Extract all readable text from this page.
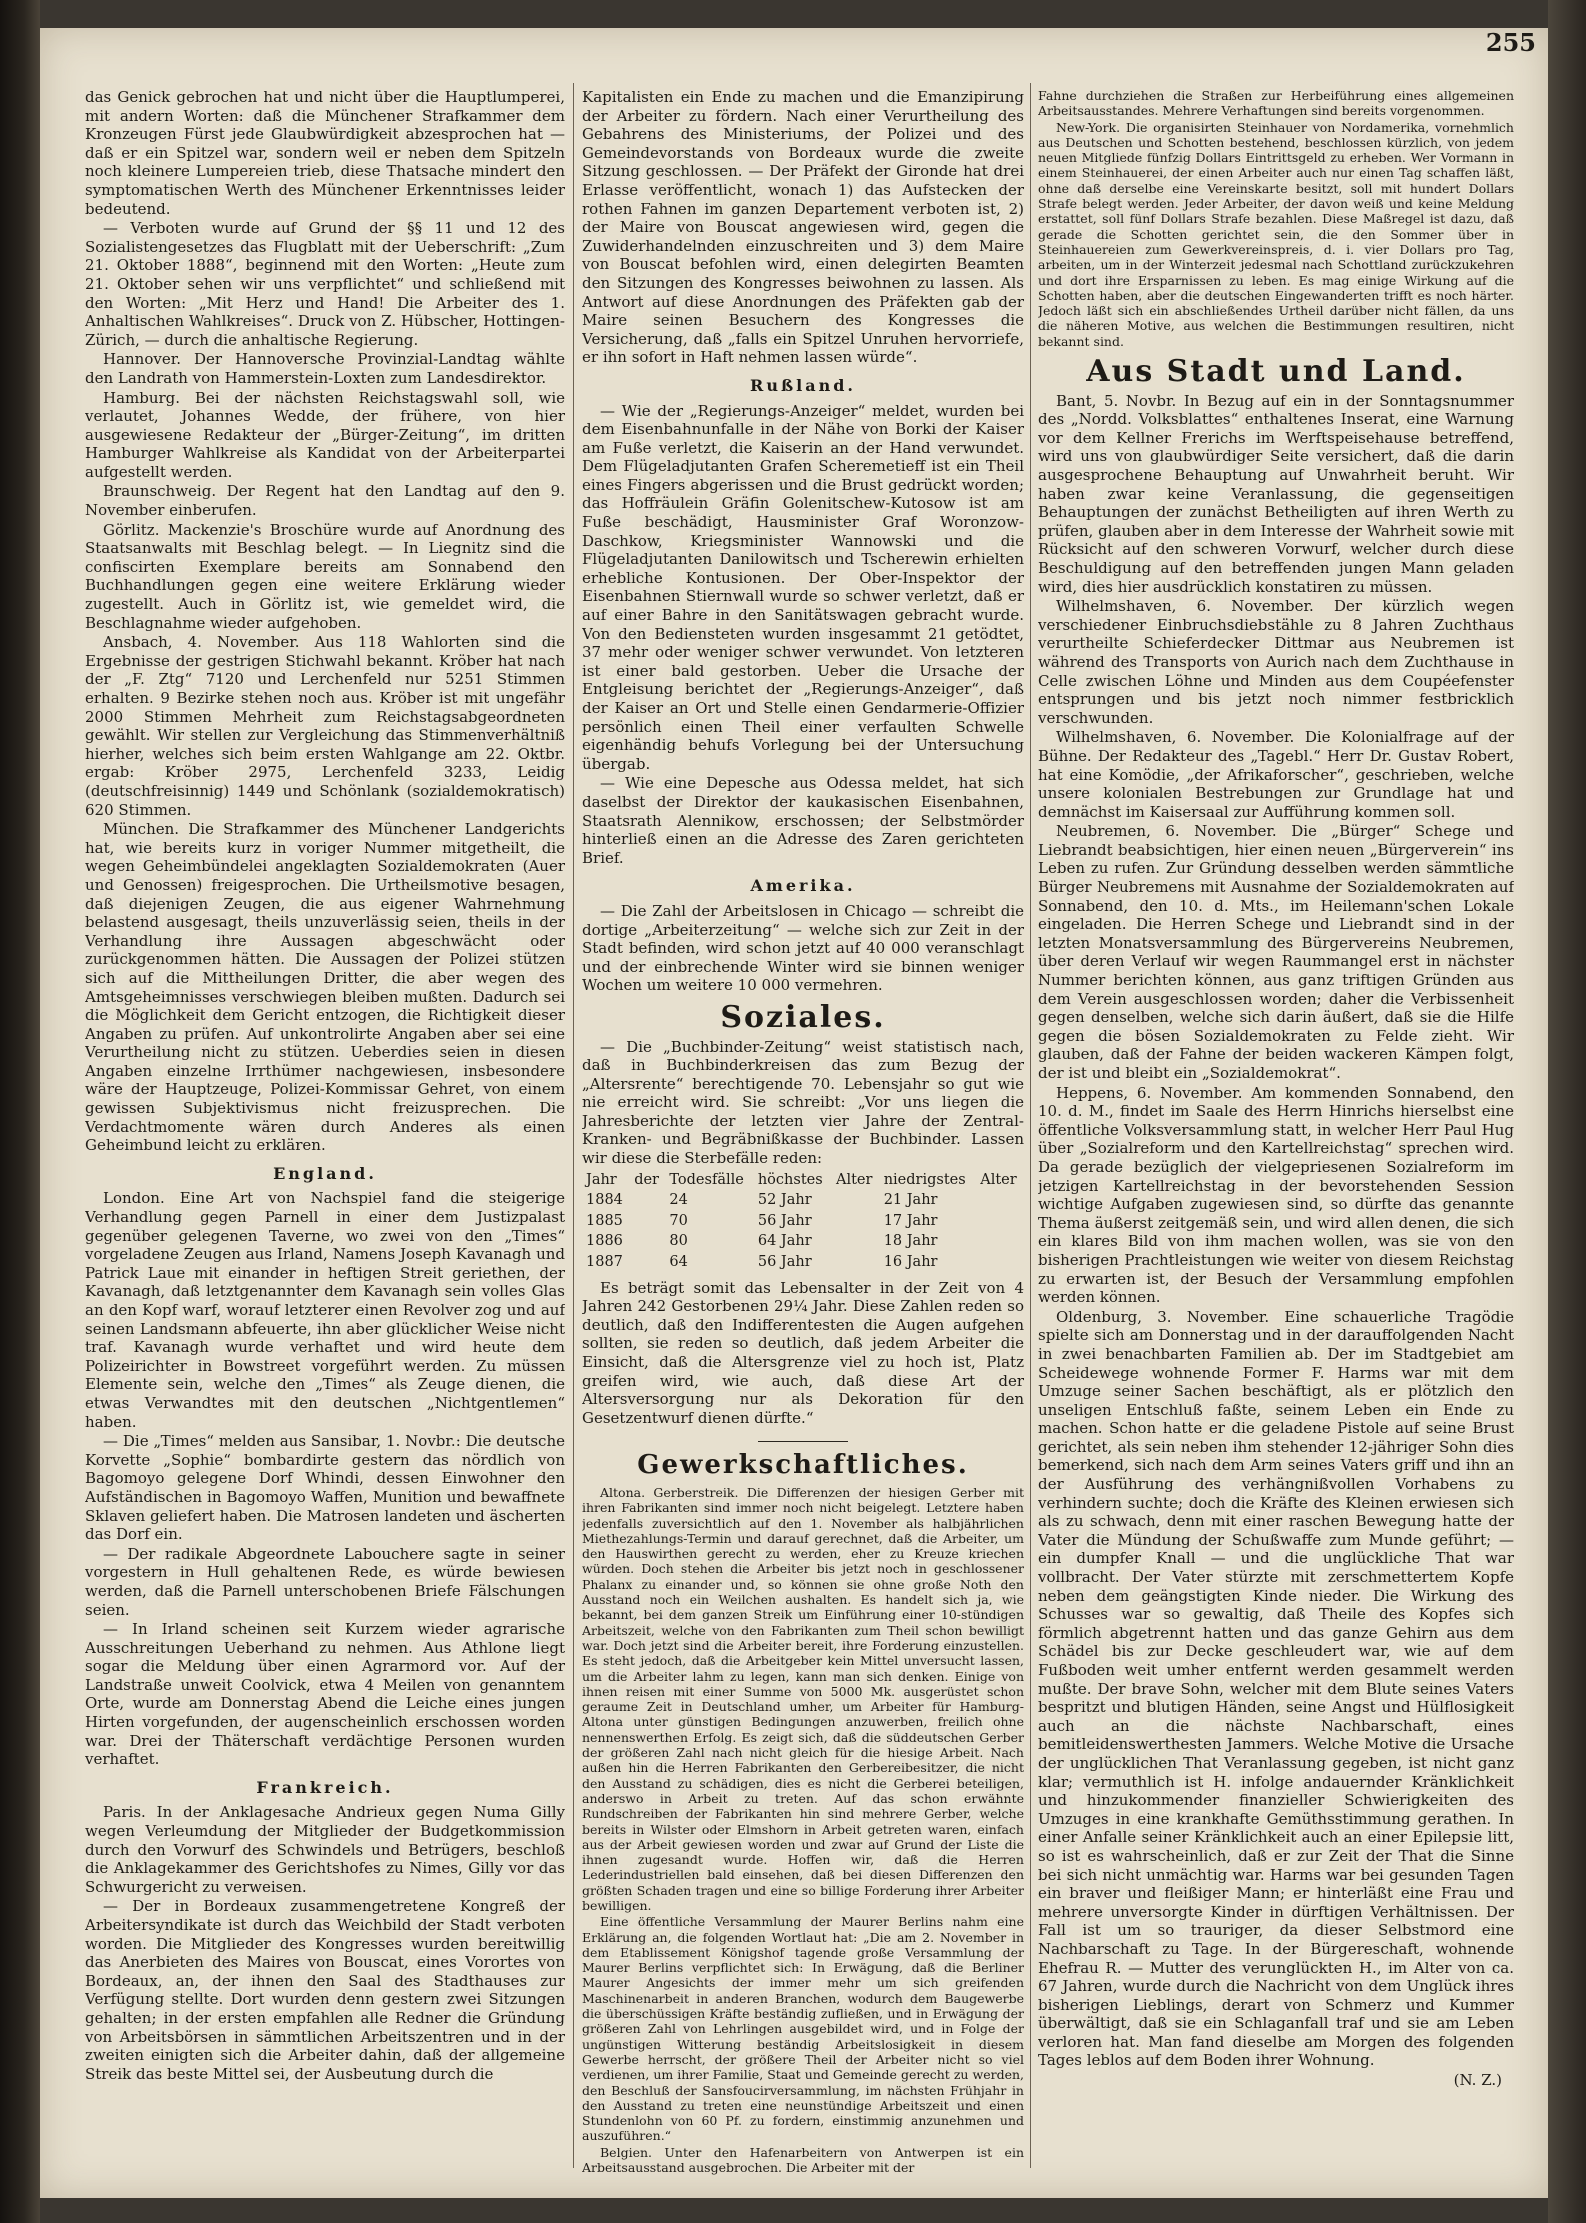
255

das Genick gebrochen hat und nicht über die Hauptlumperei, mit andern Worten: daß die Münchener Strafkammer dem Kronzeugen Fürst jede Glaubwürdigkeit abzesprochen hat — daß er ein Spitzel war, sondern weil er neben dem Spitzeln noch kleinere Lumpereien trieb, diese Thatsache mindert den symptomatischen Werth des Münchener Erkenntnisses leider bedeutend.

— Verboten wurde auf Grund der §§ 11 und 12 des Sozialistengesetzes das Flugblatt mit der Ueberschrift: „Zum 21. Oktober 1888“, beginnend mit den Worten: „Heute zum 21. Oktober sehen wir uns verpflichtet“ und schließend mit den Worten: „Mit Herz und Hand! Die Arbeiter des 1. Anhaltischen Wahlkreises“. Druck von Z. Hübscher, Hottingen-Zürich, — durch die anhaltische Regierung.

Hannover. Der Hannoversche Provinzial-Landtag wählte den Landrath von Hammerstein-Loxten zum Landesdirektor.

Hamburg. Bei der nächsten Reichstagswahl soll, wie verlautet, Johannes Wedde, der frühere, von hier ausgewiesene Redakteur der „Bürger-Zeitung“, im dritten Hamburger Wahlkreise als Kandidat von der Arbeiterpartei aufgestellt werden.

Braunschweig. Der Regent hat den Landtag auf den 9. November einberufen.

Görlitz. Mackenzie's Broschüre wurde auf Anordnung des Staatsanwalts mit Beschlag belegt. — In Liegnitz sind die confiscirten Exemplare bereits am Sonnabend den Buchhandlungen gegen eine weitere Erklärung wieder zugestellt. Auch in Görlitz ist, wie gemeldet wird, die Beschlagnahme wieder aufgehoben.

Ansbach, 4. November. Aus 118 Wahlorten sind die Ergebnisse der gestrigen Stichwahl bekannt. Kröber hat nach der „F. Ztg“ 7120 und Lerchenfeld nur 5251 Stimmen erhalten. 9 Bezirke stehen noch aus. Kröber ist mit ungefähr 2000 Stimmen Mehrheit zum Reichstagsabgeordneten gewählt. Wir stellen zur Vergleichung das Stimmenverhältniß hierher, welches sich beim ersten Wahlgange am 22. Oktbr. ergab: Kröber 2975, Lerchenfeld 3233, Leidig (deutschfreisinnig) 1449 und Schönlank (sozialdemokratisch) 620 Stimmen.

München. Die Strafkammer des Münchener Landgerichts hat, wie bereits kurz in voriger Nummer mitgetheilt, die wegen Geheimbündelei angeklagten Sozialdemokraten (Auer und Genossen) freigesprochen. Die Urtheilsmotive besagen, daß diejenigen Zeugen, die aus eigener Wahrnehmung belastend ausgesagt, theils unzuverlässig seien, theils in der Verhandlung ihre Aussagen abgeschwächt oder zurückgenommen hätten. Die Aussagen der Polizei stützen sich auf die Mittheilungen Dritter, die aber wegen des Amtsgeheimnisses verschwiegen bleiben mußten. Dadurch sei die Möglichkeit dem Gericht entzogen, die Richtigkeit dieser Angaben zu prüfen. Auf unkontrolirte Angaben aber sei eine Verurtheilung nicht zu stützen. Ueberdies seien in diesen Angaben einzelne Irrthümer nachgewiesen, insbesondere wäre der Hauptzeuge, Polizei-Kommissar Gehret, von einem gewissen Subjektivismus nicht freizusprechen. Die Verdachtmomente wären durch Anderes als einen Geheimbund leicht zu erklären.

England.

London. Eine Art von Nachspiel fand die steigerige Verhandlung gegen Parnell in einer dem Justizpalast gegenüber gelegenen Taverne, wo zwei von den „Times“ vorgeladene Zeugen aus Irland, Namens Joseph Kavanagh und Patrick Laue mit einander in heftigen Streit geriethen, der Kavanagh, daß letztgenannter dem Kavanagh sein volles Glas an den Kopf warf, worauf letzterer einen Revolver zog und auf seinen Landsmann abfeuerte, ihn aber glücklicher Weise nicht traf. Kavanagh wurde verhaftet und wird heute dem Polizeirichter in Bowstreet vorgeführt werden. Zu müssen Elemente sein, welche den „Times“ als Zeuge dienen, die etwas Verwandtes mit den deutschen „Nichtgentlemen“ haben.

— Die „Times“ melden aus Sansibar, 1. Novbr.: Die deutsche Korvette „Sophie“ bombardirte gestern das nördlich von Bagomoyo gelegene Dorf Whindi, dessen Einwohner den Aufständischen in Bagomoyo Waffen, Munition und bewaffnete Sklaven geliefert haben. Die Matrosen landeten und äscherten das Dorf ein.

— Der radikale Abgeordnete Labouchere sagte in seiner vorgestern in Hull gehaltenen Rede, es würde bewiesen werden, daß die Parnell unterschobenen Briefe Fälschungen seien.

— In Irland scheinen seit Kurzem wieder agrarische Ausschreitungen Ueberhand zu nehmen. Aus Athlone liegt sogar die Meldung über einen Agrarmord vor. Auf der Landstraße unweit Coolvick, etwa 4 Meilen von genanntem Orte, wurde am Donnerstag Abend die Leiche eines jungen Hirten vorgefunden, der augenscheinlich erschossen worden war. Drei der Thäterschaft verdächtige Personen wurden verhaftet.

Frankreich.

Paris. In der Anklagesache Andrieux gegen Numa Gilly wegen Verleumdung der Mitglieder der Budgetkommission durch den Vorwurf des Schwindels und Betrügers, beschloß die Anklagekammer des Gerichtshofes zu Nimes, Gilly vor das Schwurgericht zu verweisen.

— Der in Bordeaux zusammengetretene Kongreß der Arbeitersyndikate ist durch das Weichbild der Stadt verboten worden. Die Mitglieder des Kongresses wurden bereitwillig das Anerbieten des Maires von Bouscat, eines Vorortes von Bordeaux, an, der ihnen den Saal des Stadthauses zur Verfügung stellte. Dort wurden denn gestern zwei Sitzungen gehalten; in der ersten empfahlen alle Redner die Gründung von Arbeitsbörsen in sämmtlichen Arbeitszentren und in der zweiten einigten sich die Arbeiter dahin, daß der allgemeine Streik das beste Mittel sei, der Ausbeutung durch die

Kapitalisten ein Ende zu machen und die Emanzipirung der Arbeiter zu fördern. Nach einer Verurtheilung des Gebahrens des Ministeriums, der Polizei und des Gemeindevorstands von Bordeaux wurde die zweite Sitzung geschlossen. — Der Präfekt der Gironde hat drei Erlasse veröffentlicht, wonach 1) das Aufstecken der rothen Fahnen im ganzen Departement verboten ist, 2) der Maire von Bouscat angewiesen wird, gegen die Zuwiderhandelnden einzuschreiten und 3) dem Maire von Bouscat befohlen wird, einen delegirten Beamten den Sitzungen des Kongresses beiwohnen zu lassen. Als Antwort auf diese Anordnungen des Präfekten gab der Maire seinen Besuchern des Kongresses die Versicherung, daß „falls ein Spitzel Unruhen hervorriefe, er ihn sofort in Haft nehmen lassen würde“.

Rußland.

— Wie der „Regierungs-Anzeiger“ meldet, wurden bei dem Eisenbahnunfalle in der Nähe von Borki der Kaiser am Fuße verletzt, die Kaiserin an der Hand verwundet. Dem Flügeladjutanten Grafen Scheremetieff ist ein Theil eines Fingers abgerissen und die Brust gedrückt worden; das Hoffräulein Gräfin Golenitschew-Kutosow ist am Fuße beschädigt, Hausminister Graf Woronzow-Daschkow, Kriegsminister Wannowski und die Flügeladjutanten Danilowitsch und Tscherewin erhielten erhebliche Kontusionen. Der Ober-Inspektor der Eisenbahnen Stiernwall wurde so schwer verletzt, daß er auf einer Bahre in den Sanitätswagen gebracht wurde. Von den Bediensteten wurden insgesammt 21 getödtet, 37 mehr oder weniger schwer verwundet. Von letzteren ist einer bald gestorben. Ueber die Ursache der Entgleisung berichtet der „Regierungs-Anzeiger“, daß der Kaiser an Ort und Stelle einen Gendarmerie-Offizier persönlich einen Theil einer verfaulten Schwelle eigenhändig behufs Vorlegung bei der Untersuchung übergab.

— Wie eine Depesche aus Odessa meldet, hat sich daselbst der Direktor der kaukasischen Eisenbahnen, Staatsrath Alennikow, erschossen; der Selbstmörder hinterließ einen an die Adresse des Zaren gerichteten Brief.

Amerika.

— Die Zahl der Arbeitslosen in Chicago — schreibt die dortige „Arbeiterzeitung“ — welche sich zur Zeit in der Stadt befinden, wird schon jetzt auf 40 000 veranschlagt und der einbrechende Winter wird sie binnen weniger Wochen um weitere 10 000 vermehren.

Soziales.

— Die „Buchbinder-Zeitung“ weist statistisch nach, daß in Buchbinderkreisen das zum Bezug der „Altersrente“ berechtigende 70. Lebensjahr so gut wie nie erreicht wird. Sie schreibt: „Vor uns liegen die Jahresberichte der letzten vier Jahre der Zentral-Kranken- und Begräbnißkasse der Buchbinder. Lassen wir diese die Sterbefälle reden:

Jahr	der	Todesfälle	höchstes	Alter	niedrigstes	Alter
1884		24	52 Jahr		21 Jahr	
1885		70	56 Jahr		17 Jahr	
1886		80	64 Jahr		18 Jahr	
1887		64	56 Jahr		16 Jahr	

Es beträgt somit das Lebensalter in der Zeit von 4 Jahren 242 Gestorbenen 29¼ Jahr. Diese Zahlen reden so deutlich, daß den Indifferentesten die Augen aufgehen sollten, sie reden so deutlich, daß jedem Arbeiter die Einsicht, daß die Altersgrenze viel zu hoch ist, Platz greifen wird, wie auch, daß diese Art der Altersversorgung nur als Dekoration für den Gesetzentwurf dienen dürfte.“

Gewerkschaftliches.

Altona. Gerberstreik. Die Differenzen der hiesigen Gerber mit ihren Fabrikanten sind immer noch nicht beigelegt. Letztere haben jedenfalls zuversichtlich auf den 1. November als halbjährlichen Miethezahlungs-Termin und darauf gerechnet, daß die Arbeiter, um den Hauswirthen gerecht zu werden, eher zu Kreuze kriechen würden. Doch stehen die Arbeiter bis jetzt noch in geschlossener Phalanx zu einander und, so können sie ohne große Noth den Ausstand noch ein Weilchen aushalten. Es handelt sich ja, wie bekannt, bei dem ganzen Streik um Einführung einer 10-stündigen Arbeitszeit, welche von den Fabrikanten zum Theil schon bewilligt war. Doch jetzt sind die Arbeiter bereit, ihre Forderung einzustellen. Es steht jedoch, daß die Arbeitgeber kein Mittel unversucht lassen, um die Arbeiter lahm zu legen, kann man sich denken. Einige von ihnen reisen mit einer Summe von 5000 Mk. ausgerüstet schon geraume Zeit in Deutschland umher, um Arbeiter für Hamburg-Altona unter günstigen Bedingungen anzuwerben, freilich ohne nennenswerthen Erfolg. Es zeigt sich, daß die süddeutschen Gerber der größeren Zahl nach nicht gleich für die hiesige Arbeit. Nach außen hin die Herren Fabrikanten den Gerbereibesitzer, die nicht den Ausstand zu schädigen, dies es nicht die Gerberei beteiligen, anderswo in Arbeit zu treten. Auf das schon erwähnte Rundschreiben der Fabrikanten hin sind mehrere Gerber, welche bereits in Wilster oder Elmshorn in Arbeit getreten waren, einfach aus der Arbeit gewiesen worden und zwar auf Grund der Liste die ihnen zugesandt wurde. Hoffen wir, daß die Herren Lederindustriellen bald einsehen, daß bei diesen Differenzen den größten Schaden tragen und eine so billige Forderung ihrer Arbeiter bewilligen.

Eine öffentliche Versammlung der Maurer Berlins nahm eine Erklärung an, die folgenden Wortlaut hat: „Die am 2. November in dem Etablissement Königshof tagende große Versammlung der Maurer Berlins verpflichtet sich: In Erwägung, daß die Berliner Maurer Angesichts der immer mehr um sich greifenden Maschinenarbeit in anderen Branchen, wodurch dem Baugewerbe die überschüssigen Kräfte beständig zufließen, und in Erwägung der größeren Zahl von Lehrlingen ausgebildet wird, und in Folge der ungünstigen Witterung beständig Arbeitslosigkeit in diesem Gewerbe herrscht, der größere Theil der Arbeiter nicht so viel verdienen, um ihrer Familie, Staat und Gemeinde gerecht zu werden, den Beschluß der Sansfoucirversammlung, im nächsten Frühjahr in den Ausstand zu treten eine neunstündige Arbeitszeit und einen Stundenlohn von 60 Pf. zu fordern, einstimmig anzunehmen und auszuführen.“

Belgien. Unter den Hafenarbeitern von Antwerpen ist ein Arbeitsausstand ausgebrochen. Die Arbeiter mit der

Fahne durchziehen die Straßen zur Herbeiführung eines allgemeinen Arbeitsausstandes. Mehrere Verhaftungen sind bereits vorgenommen.

New-York. Die organisirten Steinhauer von Nordamerika, vornehmlich aus Deutschen und Schotten bestehend, beschlossen kürzlich, von jedem neuen Mitgliede fünfzig Dollars Eintrittsgeld zu erheben. Wer Vormann in einem Steinhauerei, der einen Arbeiter auch nur einen Tag schaffen läßt, ohne daß derselbe eine Vereinskarte besitzt, soll mit hundert Dollars Strafe belegt werden. Jeder Arbeiter, der davon weiß und keine Meldung erstattet, soll fünf Dollars Strafe bezahlen. Diese Maßregel ist dazu, daß gerade die Schotten gerichtet sein, die den Sommer über in Steinhauereien zum Gewerkvereinspreis, d. i. vier Dollars pro Tag, arbeiten, um in der Winterzeit jedesmal nach Schottland zurückzukehren und dort ihre Ersparnissen zu leben. Es mag einige Wirkung auf die Schotten haben, aber die deutschen Eingewanderten trifft es noch härter. Jedoch läßt sich ein abschließendes Urtheil darüber nicht fällen, da uns die näheren Motive, aus welchen die Bestimmungen resultiren, nicht bekannt sind.

Aus Stadt und Land.

Bant, 5. Novbr. In Bezug auf ein in der Sonntagsnummer des „Nordd. Volksblattes“ enthaltenes Inserat, eine Warnung vor dem Kellner Frerichs im Werftspeisehause betreffend, wird uns von glaubwürdiger Seite versichert, daß die darin ausgesprochene Behauptung auf Unwahrheit beruht. Wir haben zwar keine Veranlassung, die gegenseitigen Behauptungen der zunächst Betheiligten auf ihren Werth zu prüfen, glauben aber in dem Interesse der Wahrheit sowie mit Rücksicht auf den schweren Vorwurf, welcher durch diese Beschuldigung auf den betreffenden jungen Mann geladen wird, dies hier ausdrücklich konstatiren zu müssen.

Wilhelmshaven, 6. November. Der kürzlich wegen verschiedener Einbruchsdiebstähle zu 8 Jahren Zuchthaus verurtheilte Schieferdecker Dittmar aus Neubremen ist während des Transports von Aurich nach dem Zuchthause in Celle zwischen Löhne und Minden aus dem Coupéefenster entsprungen und bis jetzt noch nimmer festbricklich verschwunden.

Wilhelmshaven, 6. November. Die Kolonialfrage auf der Bühne. Der Redakteur des „Tagebl.“ Herr Dr. Gustav Robert, hat eine Komödie, „der Afrikaforscher“, geschrieben, welche unsere kolonialen Bestrebungen zur Grundlage hat und demnächst im Kaisersaal zur Aufführung kommen soll.

Neubremen, 6. November. Die „Bürger“ Schege und Liebrandt beabsichtigen, hier einen neuen „Bürgerverein“ ins Leben zu rufen. Zur Gründung desselben werden sämmtliche Bürger Neubremens mit Ausnahme der Sozialdemokraten auf Sonnabend, den 10. d. Mts., im Heilemann'schen Lokale eingeladen. Die Herren Schege und Liebrandt sind in der letzten Monatsversammlung des Bürgervereins Neubremen, über deren Verlauf wir wegen Raummangel erst in nächster Nummer berichten können, aus ganz triftigen Gründen aus dem Verein ausgeschlossen worden; daher die Verbissenheit gegen denselben, welche sich darin äußert, daß sie die Hilfe gegen die bösen Sozialdemokraten zu Felde zieht. Wir glauben, daß der Fahne der beiden wackeren Kämpen folgt, der ist und bleibt ein „Sozialdemokrat“.

Heppens, 6. November. Am kommenden Sonnabend, den 10. d. M., findet im Saale des Herrn Hinrichs hierselbst eine öffentliche Volksversammlung statt, in welcher Herr Paul Hug über „Sozialreform und den Kartellreichstag“ sprechen wird. Da gerade bezüglich der vielgepriesenen Sozialreform im jetzigen Kartellreichstag in der bevorstehenden Session wichtige Aufgaben zugewiesen sind, so dürfte das genannte Thema äußerst zeitgemäß sein, und wird allen denen, die sich ein klares Bild von ihm machen wollen, was sie von den bisherigen Prachtleistungen wie weiter von diesem Reichstag zu erwarten ist, der Besuch der Versammlung empfohlen werden können.

Oldenburg, 3. November. Eine schauerliche Tragödie spielte sich am Donnerstag und in der darauffolgenden Nacht in zwei benachbarten Familien ab. Der im Stadtgebiet am Scheidewege wohnende Former F. Harms war mit dem Umzuge seiner Sachen beschäftigt, als er plötzlich den unseligen Entschluß faßte, seinem Leben ein Ende zu machen. Schon hatte er die geladene Pistole auf seine Brust gerichtet, als sein neben ihm stehender 12-jähriger Sohn dies bemerkend, sich nach dem Arm seines Vaters griff und ihn an der Ausführung des verhängnißvollen Vorhabens zu verhindern suchte; doch die Kräfte des Kleinen erwiesen sich als zu schwach, denn mit einer raschen Bewegung hatte der Vater die Mündung der Schußwaffe zum Munde geführt; — ein dumpfer Knall — und die unglückliche That war vollbracht. Der Vater stürzte mit zerschmettertem Kopfe neben dem geängstigten Kinde nieder. Die Wirkung des Schusses war so gewaltig, daß Theile des Kopfes sich förmlich abgetrennt hatten und das ganze Gehirn aus dem Schädel bis zur Decke geschleudert war, wie auf dem Fußboden weit umher entfernt werden gesammelt werden mußte. Der brave Sohn, welcher mit dem Blute seines Vaters bespritzt und blutigen Händen, seine Angst und Hülflosigkeit auch an die nächste Nachbarschaft, eines bemitleidenswerthesten Jammers. Welche Motive die Ursache der unglücklichen That Veranlassung gegeben, ist nicht ganz klar; vermuthlich ist H. infolge andauernder Kränklichkeit und hinzukommender finanzieller Schwierigkeiten des Umzuges in eine krankhafte Gemüthsstimmung gerathen. In einer Anfalle seiner Kränklichkeit auch an einer Epilepsie litt, so ist es wahrscheinlich, daß er zur Zeit der That die Sinne bei sich nicht unmächtig war. Harms war bei gesunden Tagen ein braver und fleißiger Mann; er hinterläßt eine Frau und mehrere unversorgte Kinder in dürftigen Verhältnissen. Der Fall ist um so trauriger, da dieser Selbstmord eine Nachbarschaft zu Tage. In der Bürgereschaft, wohnende Ehefrau R. — Mutter des verunglückten H., im Alter von ca. 67 Jahren, wurde durch die Nachricht von dem Unglück ihres bisherigen Lieblings, derart von Schmerz und Kummer überwältigt, daß sie ein Schlaganfall traf und sie am Leben verloren hat. Man fand dieselbe am Morgen des folgenden Tages leblos auf dem Boden ihrer Wohnung.

(N. Z.)
